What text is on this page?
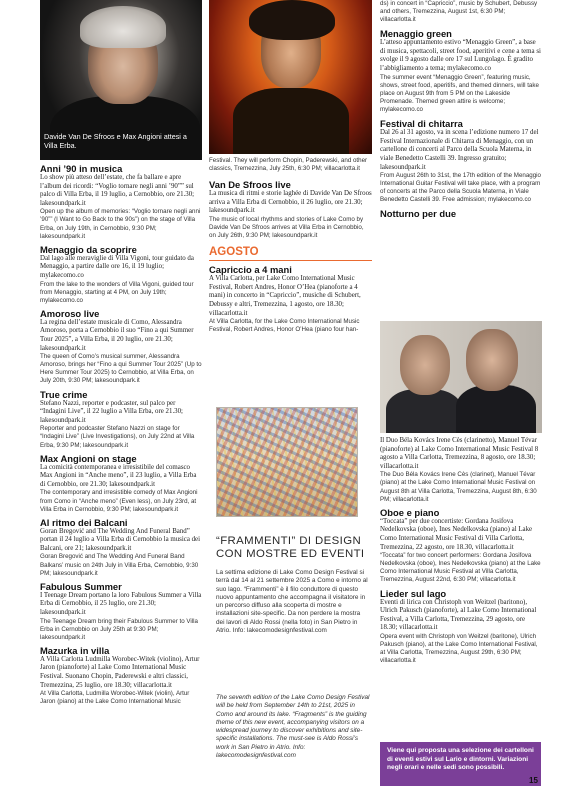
Davide Van De Sfroos e Max Angioni attesi a Villa Erba.

Anni ’90 in musica

Lo show più atteso dell’estate, che fa ballare e apre l’album dei ricordi: “Voglio tornare negli anni ’90”” sul palco di Villa Erba, il 19 luglio, a Cernobbio, ore 21.30; lakesoundpark.it

Open up the album of memories: “Voglio tornare negli anni ’90”” (I Want to Go Back to the 90s”) on the stage of Villa Erba, on July 19th, in Cernobbio, 9:30 PM; lakesoundpark.it

Menaggio da scoprire

Dal lago alle meraviglie di Villa Vigoni, tour guidato da Menaggio, a partire dalle ore 16, il 19 luglio; mylakecomo.co

From the lake to the wonders of Villa Vigoni, guided tour from Menaggio, starting at 4 PM, on July 19th; mylakecomo.co

Amoroso live

La regina dell’estate musicale di Como, Alessandra Amoroso, porta a Cernobbio il suo “Fino a qui Summer Tour 2025”, a Villa Erba, il 20 luglio, ore 21.30; lakesoundpark.it

The queen of Como’s musical summer, Alessandra Amoroso, brings her “Fino a qui Summer Tour 2025” (Up to Here Summer Tour 2025) to Cernobbio, at Villa Erba, on July 20th, 9:30 PM; lakesoundpark.it

True crime

Stefano Nazzi, reporter e podcaster, sul palco per “Indagini Live”, il 22 luglio a Villa Erba, ore 21.30; lakesoundpark.it

Reporter and podcaster Stefano Nazzi on stage for “Indagini Live” (Live Investigations), on July 22nd at Villa Erba, 9:30 PM; lakesoundpark.it

Max Angioni on stage

La comicità contemporanea e irresistibile del comasco Max Angioni in “Anche meno”, il 23 luglio, a Villa Erba di Cernobbio, ore 21.30; lakesoundpark.it

The contemporary and irresistible comedy of Max Angioni from Como in “Anche meno” (Even less), on July 23rd, at Villa Erba in Cernobbio, 9:30 PM; lakesoundpark.it

Al ritmo dei Balcani

Goran Bregović and The Wedding And Funeral Band” portan il 24 luglio a Villa Erba di Cernobbio la musica dei Balcani, ore 21; lakesoundpark.it

Goran Bregović and The Wedding And Funeral Band Balkans’ music on 24th July in Villa Erba, Cernobbio, 9:30 PM; lakesoundpark.it

Fabulous Summer

I Teenage Dream portano la loro Fabulous Summer a Villa Erba di Cernobbio, il 25 luglio, ore 21.30; lakesoundpark.it

The Teenage Dream bring their Fabulous Summer to Villa Erba in Cernobbio on July 25th at 9:30 PM; lakesoundpark.it

Mazurka in villa

A Villa Carlotta Ludmilla Worobec-Witek (violino), Artur Jaron (pianoforte) al Lake Como International Music Festival. Suonano Chopin, Paderewski e altri classici, Tremezzina, 25 luglio, ore 18.30; villacarlotta.it

At Villa Carlotta, Ludmilla Worobec-Witek (violin), Artur Jaron (piano) at the Lake Como International Music

Festival. They will perform Chopin, Paderewski, and other classics, Tremezzina, July 25th, 6:30 PM; villacarlotta.it

Van De Sfroos live

La musica di ritmi e storie laghée di Davide Van De Sfroos arriva a Villa Erba di Cernobbio, il 26 luglio, ore 21.30; lakesoundpark.it

The music of local rhythms and stories of Lake Como by Davide Van De Sfroos arrives at Villa Erba in Cernobbio, on July 26th, 9:30 PM; lakesoundpark.it

AGOSTO

Capriccio a 4 mani

A Villa Carlotta, per Lake Como International Music Festival, Robert Andres, Honor O’Hea (pianoforte a 4 mani) in concerto in “Capriccio”, musiche di Schubert, Debussy e altri, Tremezzina, 1 agosto, ore 18.30; villacarlotta.it

At Villa Carlotta, for the Lake Como International Music Festival, Robert Andres, Honor O’Hea (piano four han-

“FRAMMENTI” DI DESIGN CON MOSTRE ED EVENTI
La settima edizione di Lake Como Design Festival si terrà dal 14 al 21 settembre 2025 a Como e intorno al suo lago. “Frammenti” è il filo conduttore di questo nuovo appuntamento che accompagna il visitatore in un percorso diffuso alla scoperta di mostre e installazioni site-specific. Da non perdere la mostra dei lavori di Aldo Rossi (nella foto) in San Pietro in Atrio. Info: lakecomodesignfestival.com
The seventh edition of the Lake Como Design Festival will be held from September 14th to 21st, 2025 in Como and around its lake. “Fragments” is the guiding theme of this new event, accompanying visitors on a widespread journey to discover exhibitions and site-specific installations. The must-see is Aldo Rossi’s work in San Pietro in Atrio. Info: lakecomodesignfestival.com

ds) in concert in “Capriccio”, music by Schubert, Debussy and others, Tremezzina, August 1st, 6:30 PM; villacarlotta.it

Menaggio green

L’atteso appuntamento estivo “Menaggio Green”, a base di musica, spettacoli, street food, aperitivi e cene a tema si svolge il 9 agosto dalle ore 17 sul Lungolago. È gradito l’abbigliamento a tema; mylakecomo.co

The summer event “Menaggio Green”, featuring music, shows, street food, aperitifs, and themed dinners, will take place on August 9th from 5 PM on the Lakeside Promenade. Themed green attire is welcome; mylakecomo.co

Festival di chitarra

Dal 26 al 31 agosto, va in scena l’edizione numero 17 del Festival Internazionale di Chitarra di Menaggio, con un cartellone di concerti al Parco della Scuola Materna, in viale Benedetto Castelli 39. Ingresso gratuito; lakesoundpark.it

From August 26th to 31st, the 17th edition of the Menaggio International Guitar Festival will take place, with a program of concerts at the Parco della Scuola Materna, in Viale Benedetto Castelli 39. Free admission; mylakecomo.co

Notturno per due

Il Duo Béla Kovács Irene Cès (clarinetto), Manuel Tévar (pianoforte) al Lake Como International Music Festival 8 agosto a Villa Carlotta, Tremezzina, 8 agosto, ore 18.30; villacarlotta.it

The Duo Béla Kovács Irene Cès (clarinet), Manuel Tévar (piano) at the Lake Como International Music Festival on August 8th at Villa Carlotta, Tremezzina, August 8th, 6:30 PM; villacarlotta.it

Oboe e piano

“Toccata” per due concertiste: Gordana Josifova Nedelkovska (oboe), Ines Nedelkovska (piano) al Lake Como International Music Festival di Villa Carlotta, Tremezzina, 22 agosto, ore 18.30, villacarlotta.it

“Toccata” for two concert performers: Gordana Josifova Nedelkovska (oboe), Ines Nedelkovska (piano) at the Lake Como International Music Festival at Villa Carlotta, Tremezzina, August 22nd, 6:30 PM; villacarlotta.it

Lieder sul lago

Eventi di lirica con Christoph von Weitzel (baritono), Ulrich Pakusch (pianoforte), al Lake Como International Festival, a Villa Carlotta, Tremezzina, 29 agosto, ore 18.30; villacarlotta.it

Opera event with Christoph von Weitzel (baritone), Ulrich Pakusch (piano), at the Lake Como International Festival, at Villa Carlotta, Tremezzina, August 29th, 6:30 PM; villacarlotta.it

Viene qui proposta una selezione dei cartelloni di eventi estivi sul Lario e dintorni. Variazioni negli orari e nelle sedi sono possibili.
15
